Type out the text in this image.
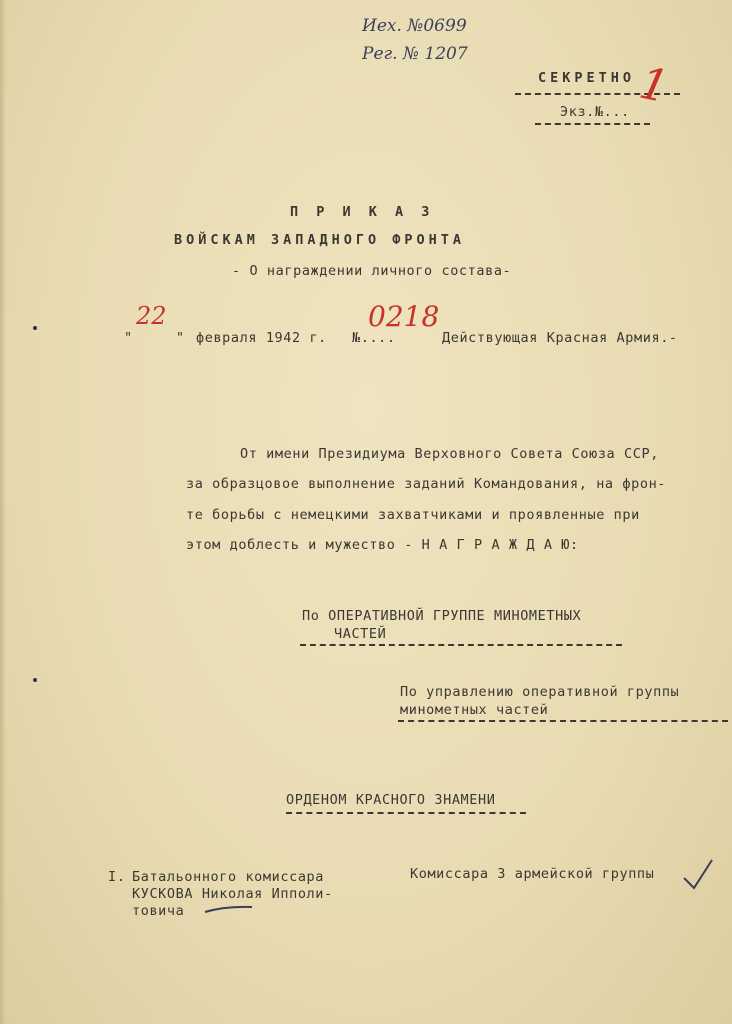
Иех. №0699
Рег. № 1207
СЕКРЕТНО
Экз.№... 1
П Р И К А З
ВОЙСКАМ ЗАПАДНОГО ФРОНТА
- О награждении личного состава-
"
22
" февраля 1942 г. №....
0218
Действующая Красная Армия.-
От имени Президиума Верховного Совета Союза ССР,
за образцовое выполнение заданий Командования, на фрон-
те борьбы с немецкими захватчиками и проявленные при
этом доблесть и мужество - Н А Г Р А Ж Д А Ю:
По ОПЕРАТИВНОЙ ГРУППЕ МИНОМЕТНЫХ
ЧАСТЕЙ
По управлению оперативной группы
минометных частей
ОРДЕНОМ КРАСНОГО ЗНАМЕНИ
I. Батальонного комиссара
КУСКОВА Николая Ипполи-
товича
Комиссара 3 армейской группы
